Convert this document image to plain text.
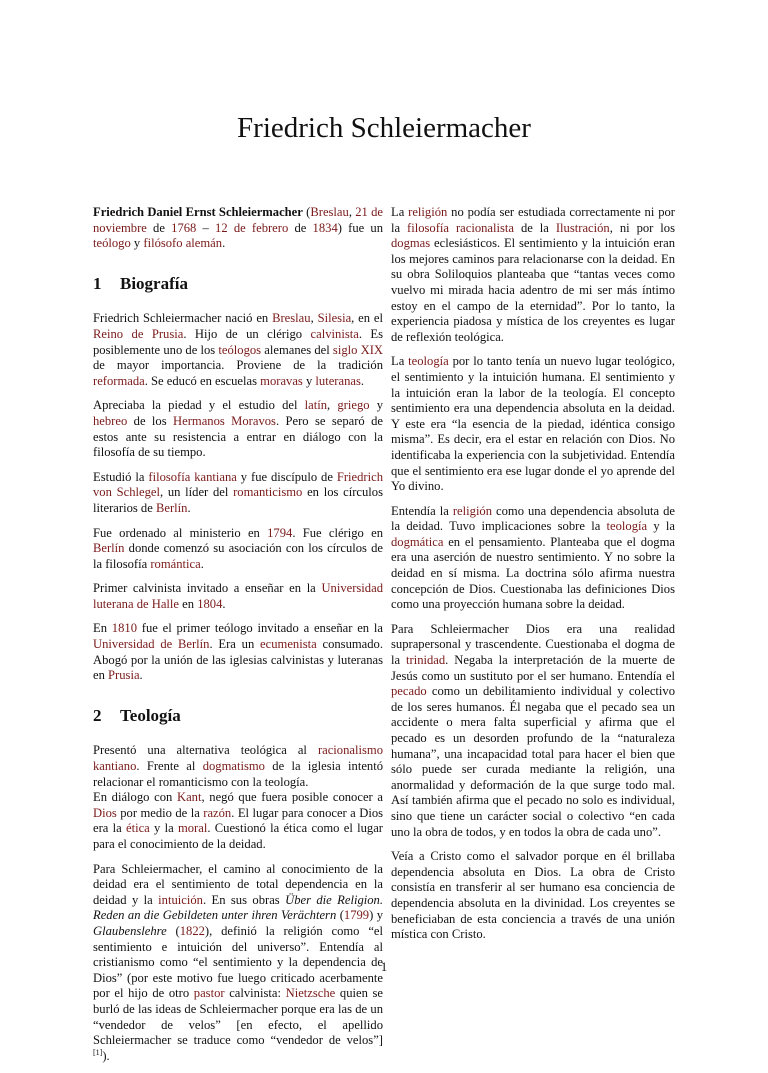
Friedrich Schleiermacher

Friedrich Daniel Ernst Schleiermacher (Breslau, 21 de noviembre de 1768 – 12 de febrero de 1834) fue un teólogo y filósofo alemán.

1	Biografía

Friedrich Schleiermacher nació en Breslau, Silesia, en el Reino de Prusia. Hijo de un clérigo calvinista. Es posiblemente uno de los teólogos alemanes del siglo XIX de mayor importancia. Proviene de la tradición reformada. Se educó en escuelas moravas y luteranas.

Apreciaba la piedad y el estudio del latín, griego y hebreo de los Hermanos Moravos. Pero se separó de estos ante su resistencia a entrar en diálogo con la filosofía de su tiempo.

Estudió la filosofía kantiana y fue discípulo de Friedrich von Schlegel, un líder del romanticismo en los círculos literarios de Berlín.

Fue ordenado al ministerio en 1794. Fue clérigo en Berlín donde comenzó su asociación con los círculos de la filosofía romántica.

Primer calvinista invitado a enseñar en la Universidad luterana de Halle en 1804.

En 1810 fue el primer teólogo invitado a enseñar en la Universidad de Berlín. Era un ecumenista consumado. Abogó por la unión de las iglesias calvinistas y luteranas en Prusia.

2	Teología

Presentó una alternativa teológica al racionalismo kantiano. Frente al dogmatismo de la iglesia intentó relacionar el romanticismo con la teología.

En diálogo con Kant, negó que fuera posible conocer a Dios por medio de la razón. El lugar para conocer a Dios era la ética y la moral. Cuestionó la ética como el lugar para el conocimiento de la deidad.

Para Schleiermacher, el camino al conocimiento de la deidad era el sentimiento de total dependencia en la deidad y la intuición. En sus obras Über die Religion. Reden an die Gebildeten unter ihren Verächtern (1799) y Glaubenslehre (1822), definió la religión como “el sentimiento e intuición del universo”. Entendía al cristianismo como “el sentimiento y la dependencia de Dios” (por este motivo fue luego criticado acerbamente por el hijo de otro pastor calvinista: Nietzsche quien se burló de las ideas de Schleiermacher porque era las de un “vendedor de velos” [en efecto, el apellido Schleiermacher se traduce como “vendedor de velos”][1]).

La religión no podía ser estudiada correctamente ni por la filosofía racionalista de la Ilustración, ni por los dogmas eclesiásticos. El sentimiento y la intuición eran los mejores caminos para relacionarse con la deidad. En su obra Soliloquios planteaba que “tantas veces como vuelvo mi mirada hacia adentro de mi ser más íntimo estoy en el campo de la eternidad”. Por lo tanto, la experiencia piadosa y mística de los creyentes es lugar de reflexión teológica.

La teología por lo tanto tenía un nuevo lugar teológico, el sentimiento y la intuición humana. El sentimiento y la intuición eran la labor de la teología. El concepto sentimiento era una dependencia absoluta en la deidad. Y este era “la esencia de la piedad, idéntica consigo misma”. Es decir, era el estar en relación con Dios. No identificaba la experiencia con la subjetividad. Entendía que el sentimiento era ese lugar donde el yo aprende del Yo divino.

Entendía la religión como una dependencia absoluta de la deidad. Tuvo implicaciones sobre la teología y la dogmática en el pensamiento. Planteaba que el dogma era una aserción de nuestro sentimiento. Y no sobre la deidad en sí misma. La doctrina sólo afirma nuestra concepción de Dios. Cuestionaba las definiciones Dios como una proyección humana sobre la deidad.

Para Schleiermacher Dios era una realidad suprapersonal y trascendente. Cuestionaba el dogma de la trinidad. Negaba la interpretación de la muerte de Jesús como un sustituto por el ser humano. Entendía el pecado como un debilitamiento individual y colectivo de los seres humanos. Él negaba que el pecado sea un accidente o mera falta superficial y afirma que el pecado es un desorden profundo de la “naturaleza humana”, una incapacidad total para hacer el bien que sólo puede ser curada mediante la religión, una anormalidad y deformación de la que surge todo mal. Así también afirma que el pecado no solo es individual, sino que tiene un carácter social o colectivo “en cada uno la obra de todos, y en todos la obra de cada uno”.

Veía a Cristo como el salvador porque en él brillaba dependencia absoluta en Dios. La obra de Cristo consistía en transferir al ser humano esa conciencia de dependencia absoluta en la divinidad. Los creyentes se beneficiaban de esta conciencia a través de una unión mística con Cristo.

1
